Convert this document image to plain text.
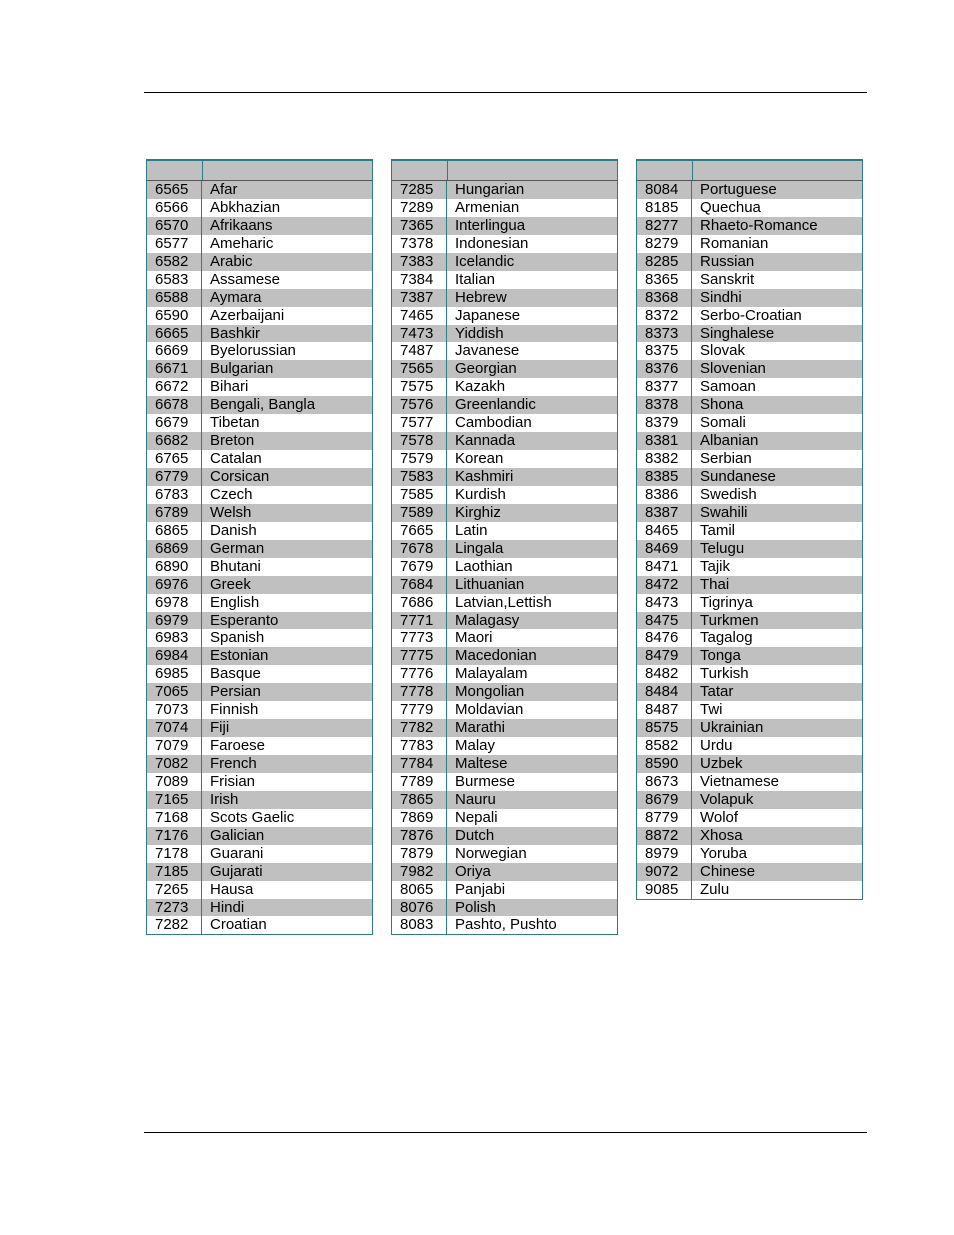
6565	Afar
6566	Abkhazian
6570	Afrikaans
6577	Ameharic
6582	Arabic
6583	Assamese
6588	Aymara
6590	Azerbaijani
6665	Bashkir
6669	Byelorussian
6671	Bulgarian
6672	Bihari
6678	Bengali, Bangla
6679	Tibetan
6682	Breton
6765	Catalan
6779	Corsican
6783	Czech
6789	Welsh
6865	Danish
6869	German
6890	Bhutani
6976	Greek
6978	English
6979	Esperanto
6983	Spanish
6984	Estonian
6985	Basque
7065	Persian
7073	Finnish
7074	Fiji
7079	Faroese
7082	French
7089	Frisian
7165	Irish
7168	Scots Gaelic
7176	Galician
7178	Guarani
7185	Gujarati
7265	Hausa
7273	Hindi
7282	Croatian
7285	Hungarian
7289	Armenian
7365	Interlingua
7378	Indonesian
7383	Icelandic
7384	Italian
7387	Hebrew
7465	Japanese
7473	Yiddish
7487	Javanese
7565	Georgian
7575	Kazakh
7576	Greenlandic
7577	Cambodian
7578	Kannada
7579	Korean
7583	Kashmiri
7585	Kurdish
7589	Kirghiz
7665	Latin
7678	Lingala
7679	Laothian
7684	Lithuanian
7686	Latvian,Lettish
7771	Malagasy
7773	Maori
7775	Macedonian
7776	Malayalam
7778	Mongolian
7779	Moldavian
7782	Marathi
7783	Malay
7784	Maltese
7789	Burmese
7865	Nauru
7869	Nepali
7876	Dutch
7879	Norwegian
7982	Oriya
8065	Panjabi
8076	Polish
8083	Pashto, Pushto
8084	Portuguese
8185	Quechua
8277	Rhaeto-Romance
8279	Romanian
8285	Russian
8365	Sanskrit
8368	Sindhi
8372	Serbo-Croatian
8373	Singhalese
8375	Slovak
8376	Slovenian
8377	Samoan
8378	Shona
8379	Somali
8381	Albanian
8382	Serbian
8385	Sundanese
8386	Swedish
8387	Swahili
8465	Tamil
8469	Telugu
8471	Tajik
8472	Thai
8473	Tigrinya
8475	Turkmen
8476	Tagalog
8479	Tonga
8482	Turkish
8484	Tatar
8487	Twi
8575	Ukrainian
8582	Urdu
8590	Uzbek
8673	Vietnamese
8679	Volapuk
8779	Wolof
8872	Xhosa
8979	Yoruba
9072	Chinese
9085	Zulu
